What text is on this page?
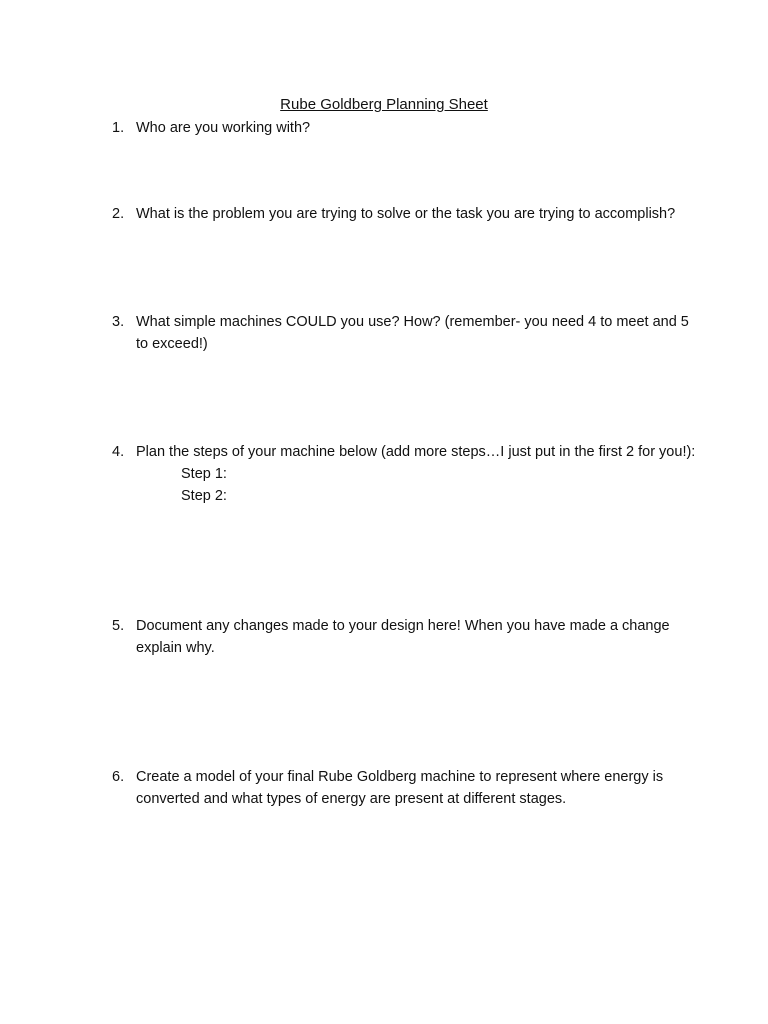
Rube Goldberg Planning Sheet
1. Who are you working with?
2. What is the problem you are trying to solve or the task you are trying to accomplish?
3. What simple machines COULD you use? How? (remember- you need 4 to meet and 5 to exceed!)
4. Plan the steps of your machine below (add more steps…I just put in the first 2 for you!):
Step 1:
Step 2:
5. Document any changes made to your design here! When you have made a change explain why.
6. Create a model of your final Rube Goldberg machine to represent where energy is converted and what types of energy are present at different stages.
